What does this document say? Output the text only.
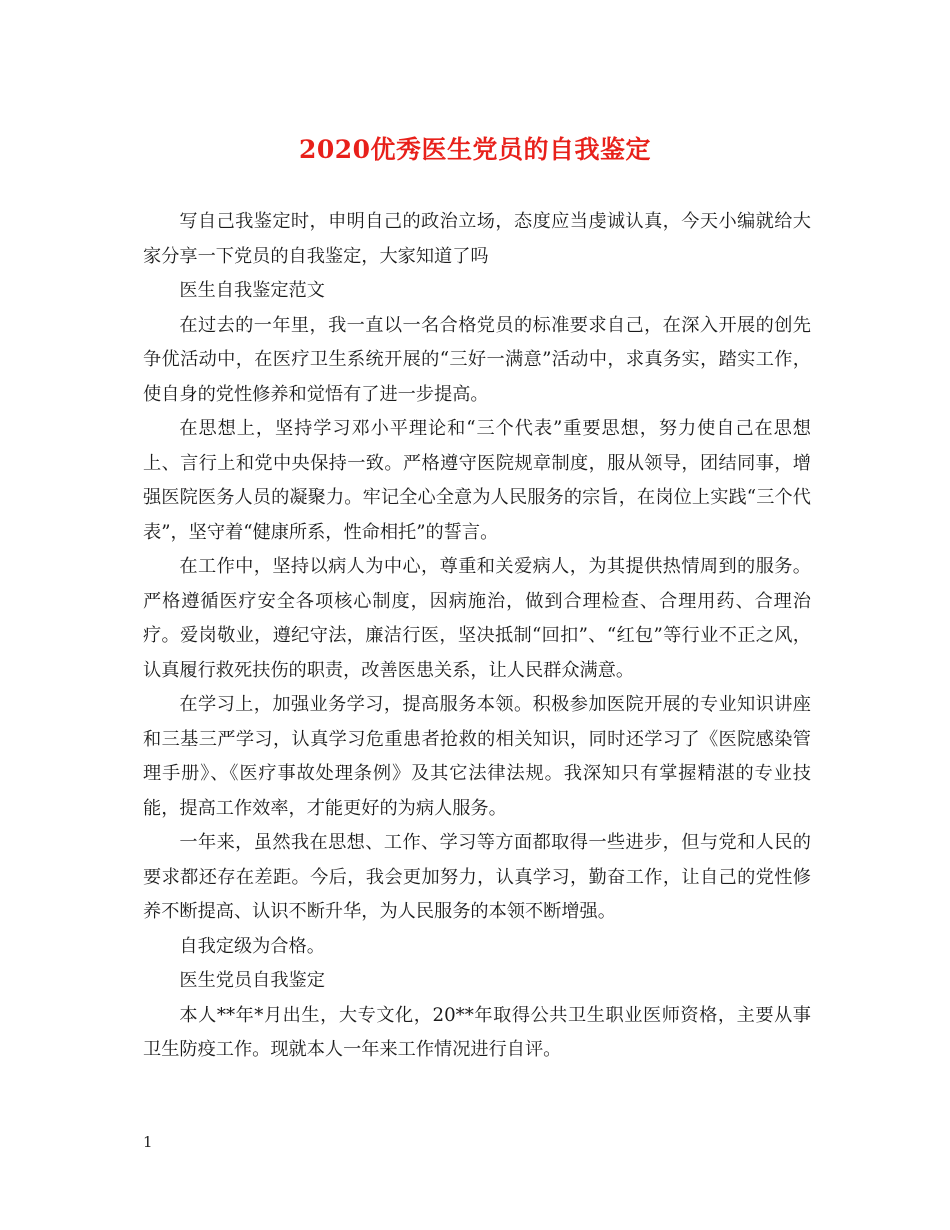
2020优秀医生党员的自我鉴定

写自己我鉴定时，申明自己的政治立场，态度应当虔诚认真，今天小编就给大家分享一下党员的自我鉴定，大家知道了吗

医生自我鉴定范文

在过去的一年里，我一直以一名合格党员的标准要求自己，在深入开展的创先争优活动中，在医疗卫生系统开展的“三好一满意”活动中，求真务实，踏实工作，使自身的党性修养和觉悟有了进一步提高。

在思想上，坚持学习邓小平理论和“三个代表”重要思想，努力使自己在思想上、言行上和党中央保持一致。严格遵守医院规章制度，服从领导，团结同事，增强医院医务人员的凝聚力。牢记全心全意为人民服务的宗旨，在岗位上实践“三个代表”，坚守着“健康所系，性命相托”的誓言。

在工作中，坚持以病人为中心，尊重和关爱病人，为其提供热情周到的服务。严格遵循医疗安全各项核心制度，因病施治，做到合理检查、合理用药、合理治疗。爱岗敬业，遵纪守法，廉洁行医，坚决抵制“回扣”、“红包”等行业不正之风，认真履行救死扶伤的职责，改善医患关系，让人民群众满意。

在学习上，加强业务学习，提高服务本领。积极参加医院开展的专业知识讲座和三基三严学习，认真学习危重患者抢救的相关知识，同时还学习了《医院感染管理手册》、《医疗事故处理条例》及其它法律法规。我深知只有掌握精湛的专业技能，提高工作效率，才能更好的为病人服务。

一年来，虽然我在思想、工作、学习等方面都取得一些进步，但与党和人民的要求都还存在差距。今后，我会更加努力，认真学习，勤奋工作，让自己的党性修养不断提高、认识不断升华，为人民服务的本领不断增强。

自我定级为合格。

医生党员自我鉴定

本人**年*月出生，大专文化，20**年取得公共卫生职业医师资格，主要从事卫生防疫工作。现就本人一年来工作情况进行自评。

1
